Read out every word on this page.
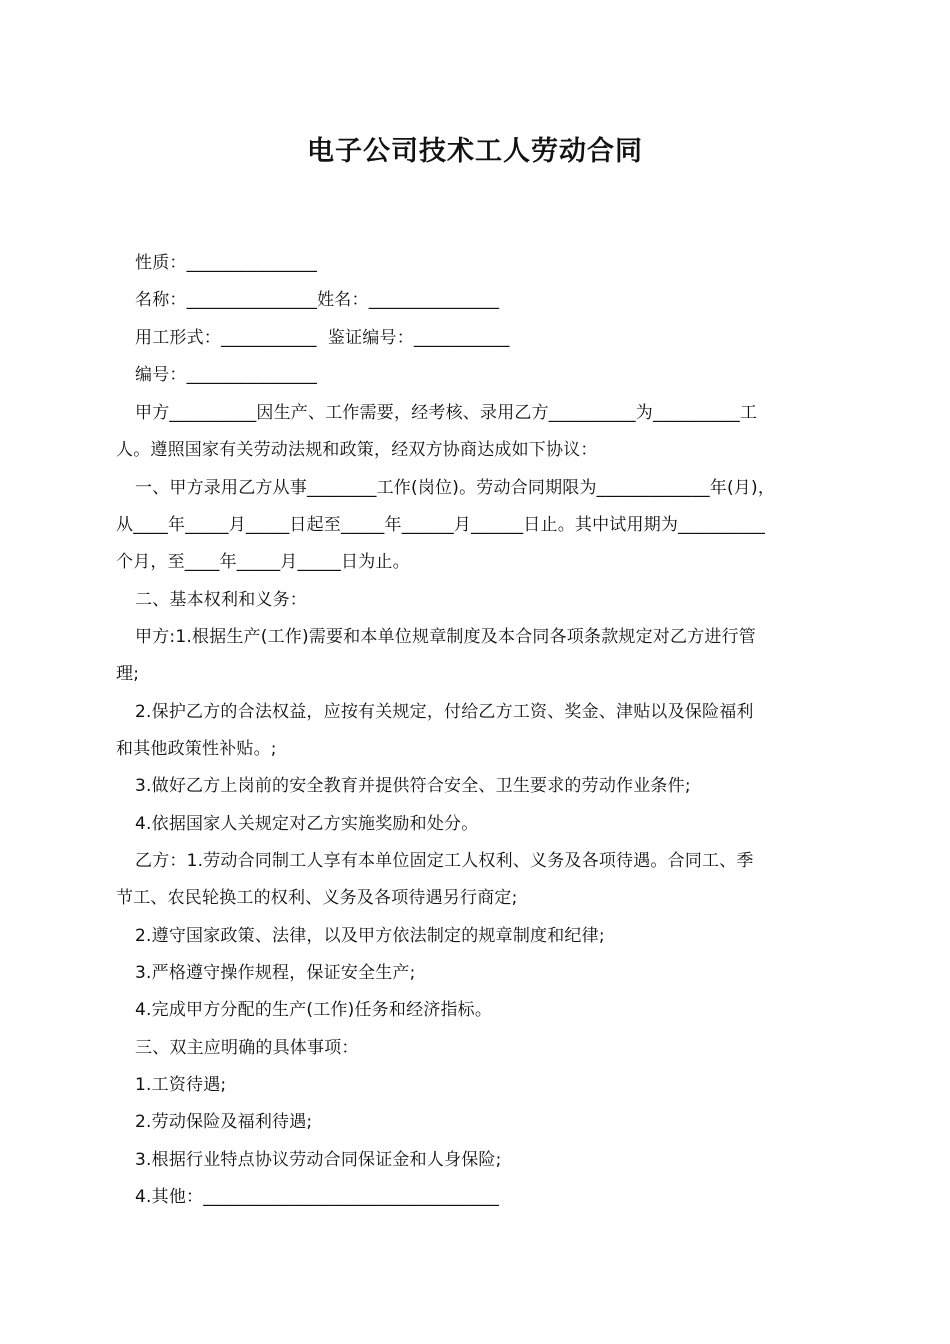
电子公司技术工人劳动合同
性质：_______________
名称：_______________姓名：_______________
用工形式：___________  鉴证编号：___________
编号：_______________
甲方__________因生产、工作需要，经考核、录用乙方__________为__________工
人。遵照国家有关劳动法规和政策，经双方协商达成如下协议：
一、甲方录用乙方从事________工作(岗位)。劳动合同期限为_____________年(月)，
从____年_____月_____日起至_____年______月______日止。其中试用期为__________
个月，至____年_____月_____日为止。
二、基本权利和义务：
甲方:1.根据生产(工作)需要和本单位规章制度及本合同各项条款规定对乙方进行管
理;
2.保护乙方的合法权益，应按有关规定，付给乙方工资、奖金、津贴以及保险福利
和其他政策性补贴。;
3.做好乙方上岗前的安全教育并提供符合安全、卫生要求的劳动作业条件;
4.依据国家人关规定对乙方实施奖励和处分。
乙方：1.劳动合同制工人享有本单位固定工人权利、义务及各项待遇。合同工、季
节工、农民轮换工的权利、义务及各项待遇另行商定;
2.遵守国家政策、法律，以及甲方依法制定的规章制度和纪律;
3.严格遵守操作规程，保证安全生产;
4.完成甲方分配的生产(工作)任务和经济指标。
三、双主应明确的具体事项：
1.工资待遇;
2.劳动保险及福利待遇;
3.根据行业特点协议劳动合同保证金和人身保险;
4.其他：__________________________________
